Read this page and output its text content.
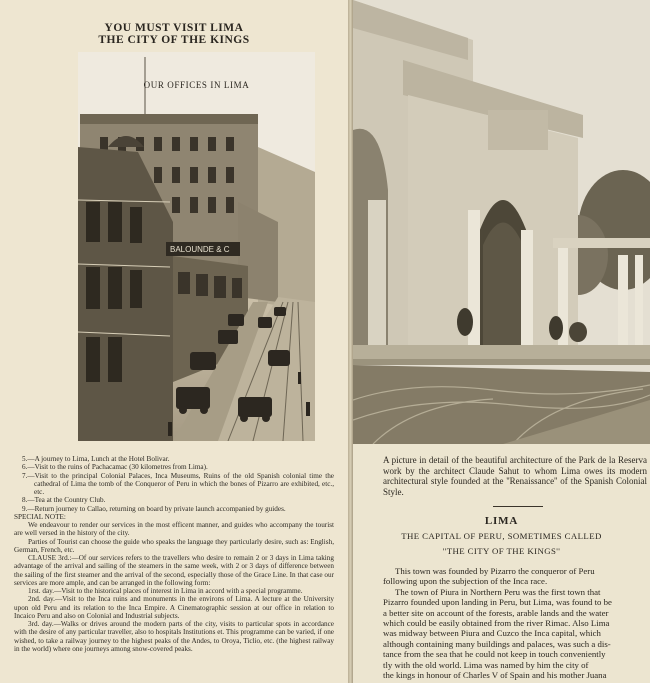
YOU MUST VISIT LIMA
THE CITY OF THE KINGS
BALOUNDE & C
OUR OFFICES IN LIMA

5.—A journey to Lima, Lunch at the Hotel Bolivar.

6.—Visit to the ruins of Pachacamac (30 kilometres from Lima).

7.—Visit to the principal Colonial Palaces, Inca Museums, Ruins of the old Spanish colonial time the cathedral of Lima the tomb of the Conqueror of Peru in which the bones of Pizarro are exhibited, etc., etc.

8.—Tea at the Country Club.

9.—Return journey to Callao, returning on board by private launch accompanied by guides.

SPECIAL NOTE:

We endeavour to render our services in the most efficent manner, and guides who accompany the tourist are well versed in the history of the city.

Parties of Tourist can choose the guide who speaks the language they particularly desire, such as: English, German, French, etc.

CLAUSE 3rd.:—Of our services refers to the travellers who desire to remain 2 or 3 days in Lima taking advantage of the arrival and sailing of the steamers in the same week, with 2 or 3 days of difference between the sailing of the first steamer and the arrival of the second, especially those of the Grace Line. In that case our services are more ample, and can be arranged in the following form:

1rst. day.—Visit to the historical places of interest in Lima in accord with a special programme.

2nd. day.—Visit to the Inca ruins and monuments in the environs of Lima. A lecture at the University upon old Peru and its relation to the Inca Empire. A Cinematographic session at our office in relation to Incaico Peru and also on Colonial and Industrial subjects.

3rd. day.—Walks or drives around the modern parts of the city, visits to particular spots in accordance with the desire of any particular traveller, also to hospitals Institutions et. This programme can be varied, if one wished, to take a railway journey to the highest peaks of the Andes, to Oroya, Ticlio, etc. (the highest railway in the world) where one journeys among snow-covered peaks.

A picture in detail of the beautiful architecture of the Park de la Reserva work by the architect Claude Sahut to whom Lima owes its modern architectural style founded at the ''Renaissance'' of the Spanish Colonial Style.
LIMA
THE CAPITAL OF PERU, SOMETIMES CALLED
''THE CITY OF THE KINGS''

This town was founded by Pizarro the conqueror of Peru

following upon the subjection of the Inca race.

The town of Piura in Northern Peru was the first town that

Pizarro founded upon landing in Peru, but Lima, was found to be

a better site on account of the forests, arable lands and the water

which could be easily obtained from the river Rimac. Also Lima

was midway between Piura and Cuzco the Inca capital, which

although containing many buildings and palaces, was such a dis-

tance from the sea that he could not keep in touch conveniently

tly with the old world. Lima was named by him the city of

the kings in honour of Charles V of Spain and his mother Juana
